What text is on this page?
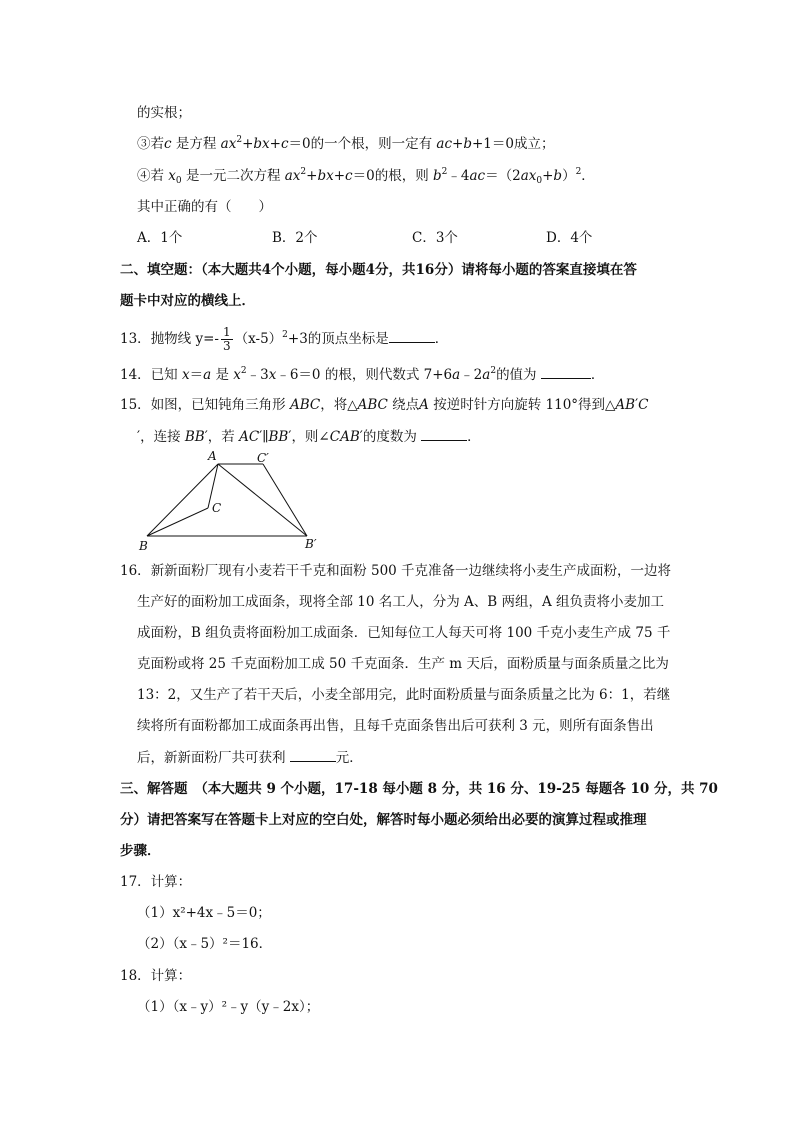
的实根；
③若c 是方程 $ax^2+bx+c=0$的一个根，则一定有 ac+b+1＝0成立；
④若 $x_0$ 是一元二次方程 $ax^2+bx+c=0$的根，则 $b^2﹣4ac=(2ax_0+b)^2$．
其中正确的有（　　）
A．1个	B．2个	C．3个	D．4个
二、填空题：（本大题共4个小题，每小题4分，共16分）请将每小题的答案直接填在答
题卡中对应的横线上．
13．抛物线 $y=- \frac{1}{3} (x-5)^2+3$的顶点坐标是	．
14．已知 x＝a 是 $x^2﹣3x﹣6=0$ 的根，则代数式 $7+6a﹣2a^2$的值为	．
15．如图，已知钝角三角形 ABC，将△ABC 绕点A 按逆时针方向旋转 110°得到△AB′C
′，连接 BB′，若 AC′∥BB′，则∠CAB′的度数为	．
A	C′
C
B	B′
16．新新面粉厂现有小麦若干千克和面粉 500 千克准备一边继续将小麦生产成面粉，一边将
生产好的面粉加工成面条，现将全部 10 名工人，分为 A、B 两组，A 组负责将小麦加工
成面粉，B 组负责将面粉加工成面条．已知每位工人每天可将 100 千克小麦生产成 75 千
克面粉或将 25 千克面粉加工成 50 千克面条．生产 m 天后，面粉质量与面条质量之比为
13：2，又生产了若干天后，小麦全部用完，此时面粉质量与面条质量之比为 6：1，若继
续将所有面粉都加工成面条再出售，且每千克面条售出后可获利 3 元，则所有面条售出
后，新新面粉厂共可获利	元．
三、解答题　（本大题共 9 个小题，17-18 每小题 8 分，共 16 分、19-25 每题各 10 分，共 70
分）请把答案写在答题卡上对应的空白处，解答时每小题必须给出必要的演算过程或推理
步骤．
17．计算：
（1）x²+4x﹣5＝0；
（2）（x﹣5）²＝16．
18．计算：
（1）（x﹣y）²﹣y（y﹣2x）；
